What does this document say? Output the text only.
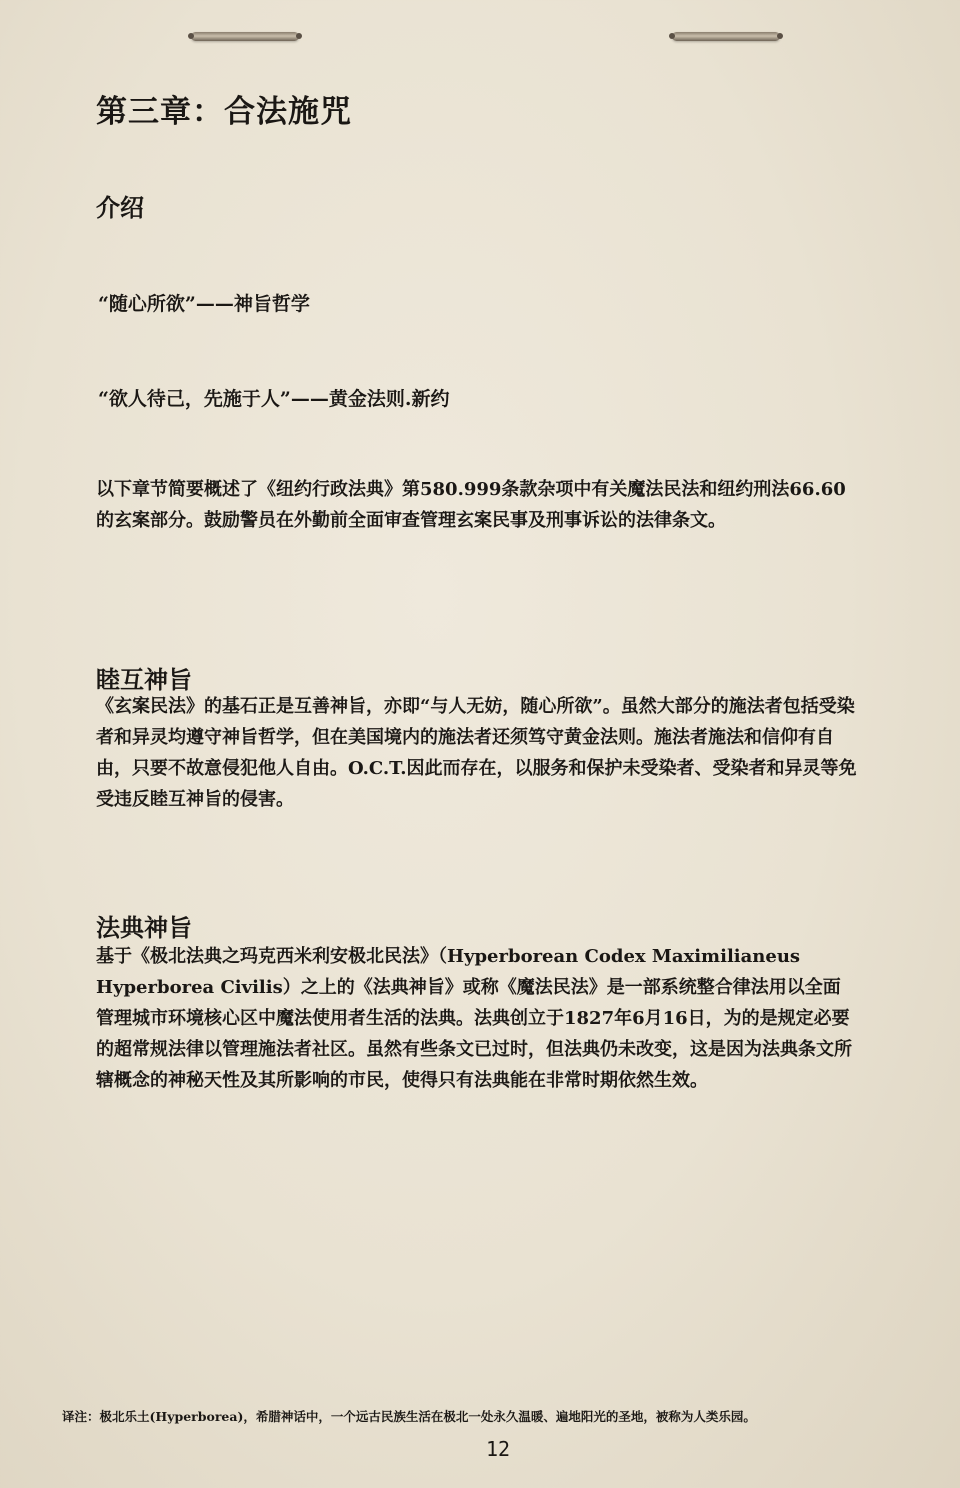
第三章：合法施咒
介绍

“随心所欲”——神旨哲学

“欲人待己，先施于人”——黄金法则.新约

以下章节简要概述了《纽约行政法典》第580.999条款杂项中有关魔法民法和纽约刑法66.60的玄案部分。鼓励警员在外勤前全面审查管理玄案民事及刑事诉讼的法律条文。

睦互神旨

《玄案民法》的基石正是互善神旨，亦即“与人无妨，随心所欲”。虽然大部分的施法者包括受染者和异灵均遵守神旨哲学，但在美国境内的施法者还须笃守黄金法则。施法者施法和信仰有自由，只要不故意侵犯他人自由。O.C.T.因此而存在，以服务和保护未受染者、受染者和异灵等免受违反睦互神旨的侵害。

法典神旨

基于《极北法典之玛克西米利安极北民法》（Hyperborean Codex Maximilianeus Hyperborea Civilis）之上的《法典神旨》或称《魔法民法》是一部系统整合律法用以全面管理城市环境核心区中魔法使用者生活的法典。法典创立于1827年6月16日，为的是规定必要的超常规法律以管理施法者社区。虽然有些条文已过时，但法典仍未改变，这是因为法典条文所辖概念的神秘天性及其所影响的市民，使得只有法典能在非常时期依然生效。

译注：极北乐土(Hyperborea)，希腊神话中，一个远古民族生活在极北一处永久温暖、遍地阳光的圣地，被称为人类乐园。

12
